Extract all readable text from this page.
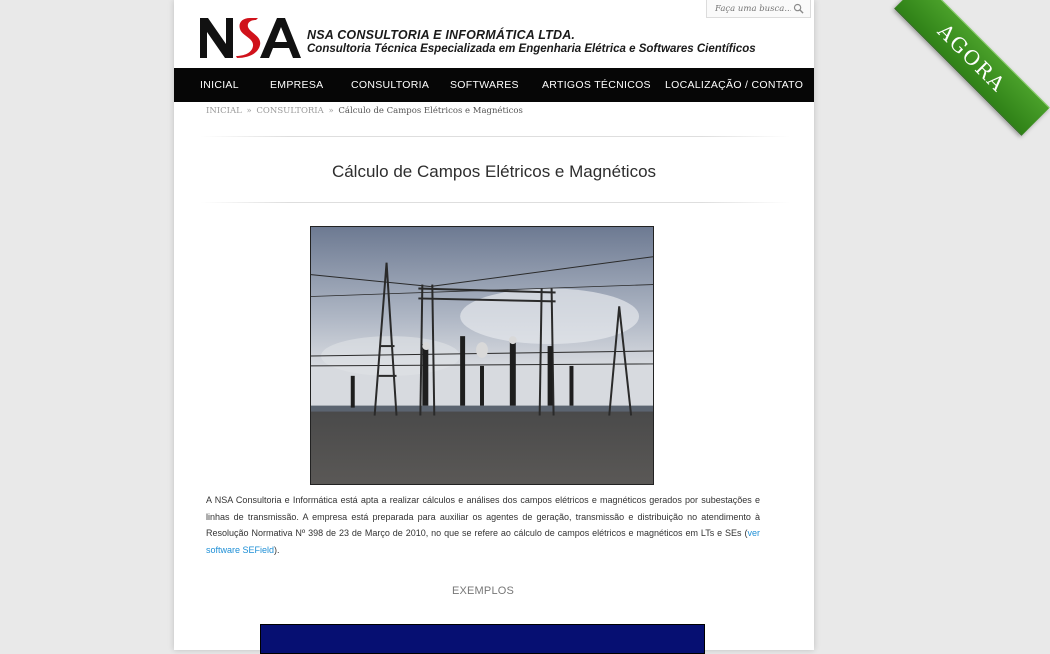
NSA CONSULTORIA E INFORMÁTICA LTDA.
Consultoria Técnica Especializada em Engenharia Elétrica e Softwares Científicos
Faça uma busca...
INICIAL	EMPRESA	CONSULTORIA SOFTWARES ARTIGOS TÉCNICOS LOCALIZAÇÃO / CONTATO
INICIAL » CONSULTORIA » Cálculo de Campos Elétricos e Magnéticos
Cálculo de Campos Elétricos e Magnéticos
A NSA Consultoria e Informática está apta a realizar cálculos e análises dos campos elétricos e magnéticos gerados por subestações e linhas de transmissão. A empresa está preparada para auxiliar os agentes de geração, transmissão e distribuição no atendimento à Resolução Normativa Nº 398 de 23 de Março de 2010, no que se refere ao cálculo de campos elétricos e magnéticos em LTs e SEs (ver software SEField).
EXEMPLOS
AGORA
